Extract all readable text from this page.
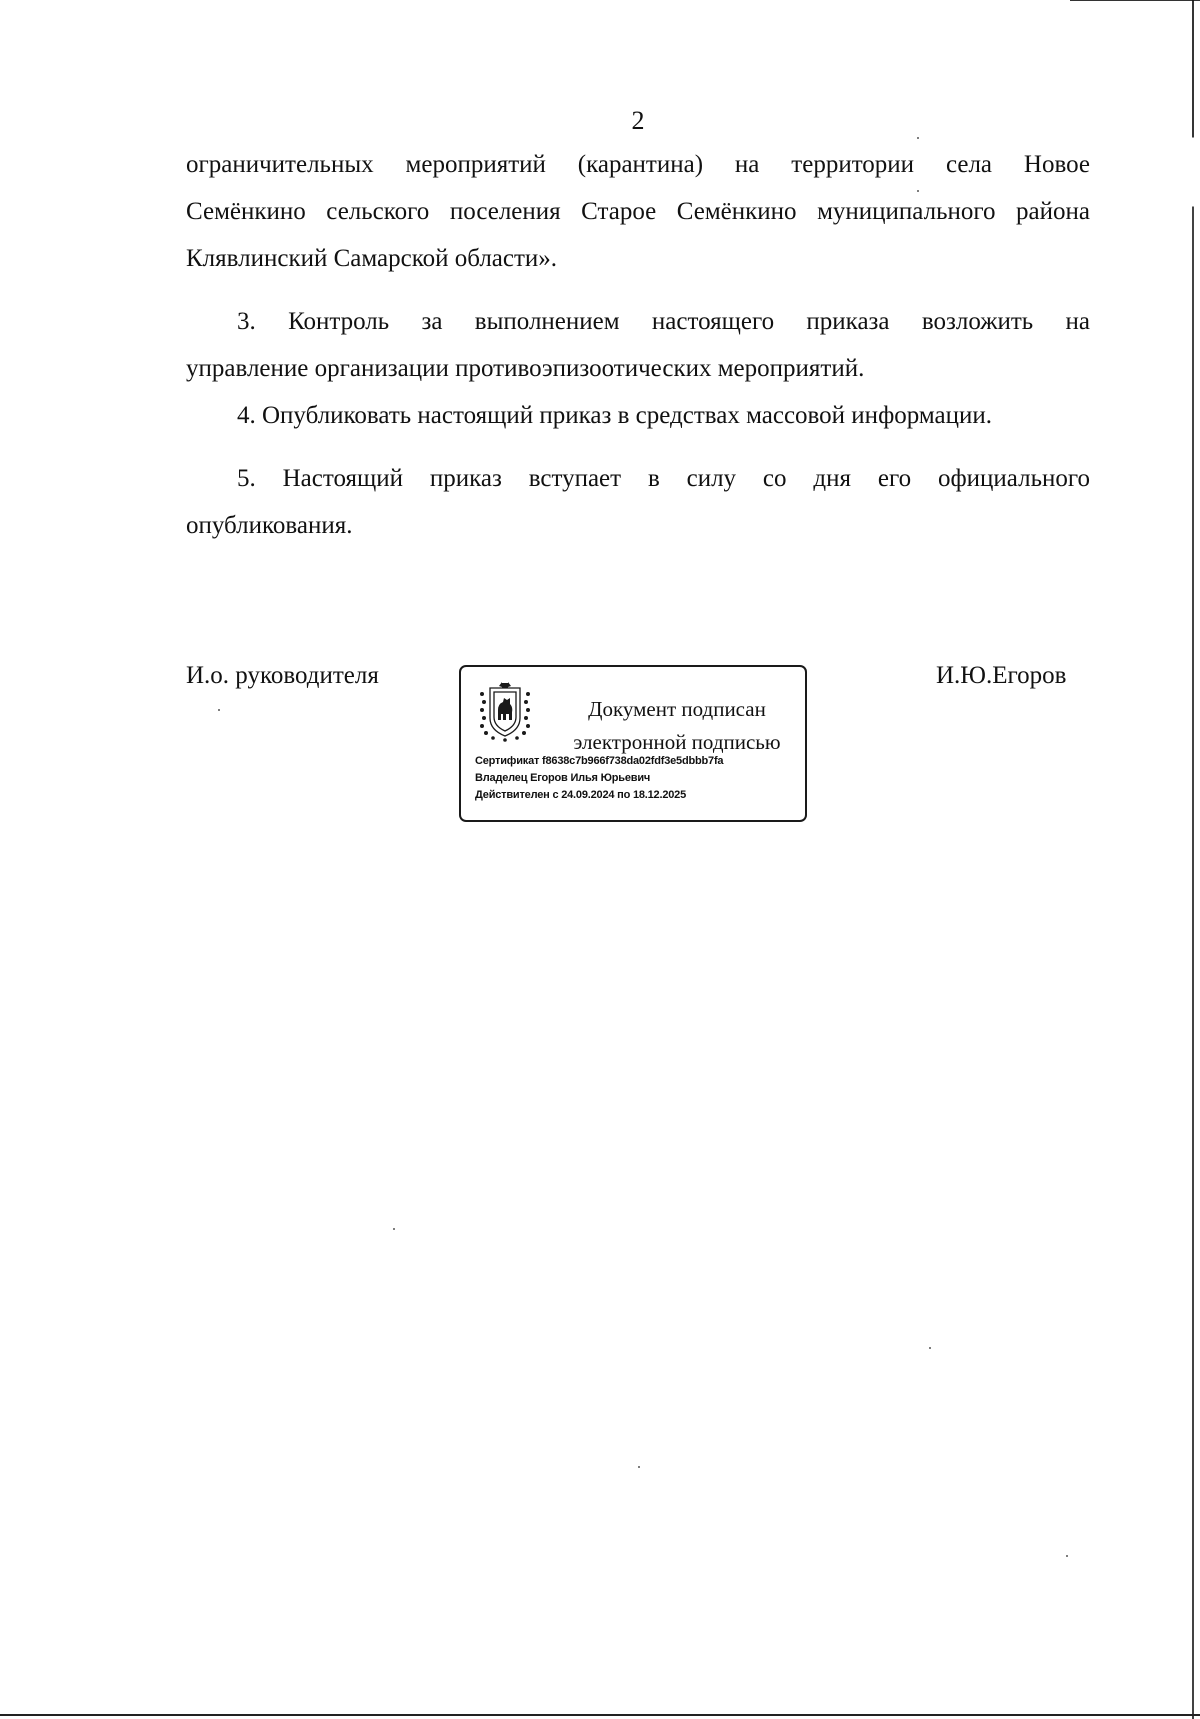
2
ограничительных мероприятий (карантина) на территории села Новое
Семёнкино сельского поселения Старое Семёнкино муниципального района
Клявлинский Самарской области».
3. Контроль за выполнением настоящего приказа возложить на
управление организации противоэпизоотических мероприятий.
4. Опубликовать настоящий приказ в средствах массовой информации.
5. Настоящий приказ вступает в силу со дня его официального
опубликования.
И.о. руководителя	И.Ю.Егоров
Документ подписан
электронной подписью
Сертификат f8638c7b966f738da02fdf3e5dbbb7fa
Владелец Егоров Илья Юрьевич
Действителен с 24.09.2024 по 18.12.2025
